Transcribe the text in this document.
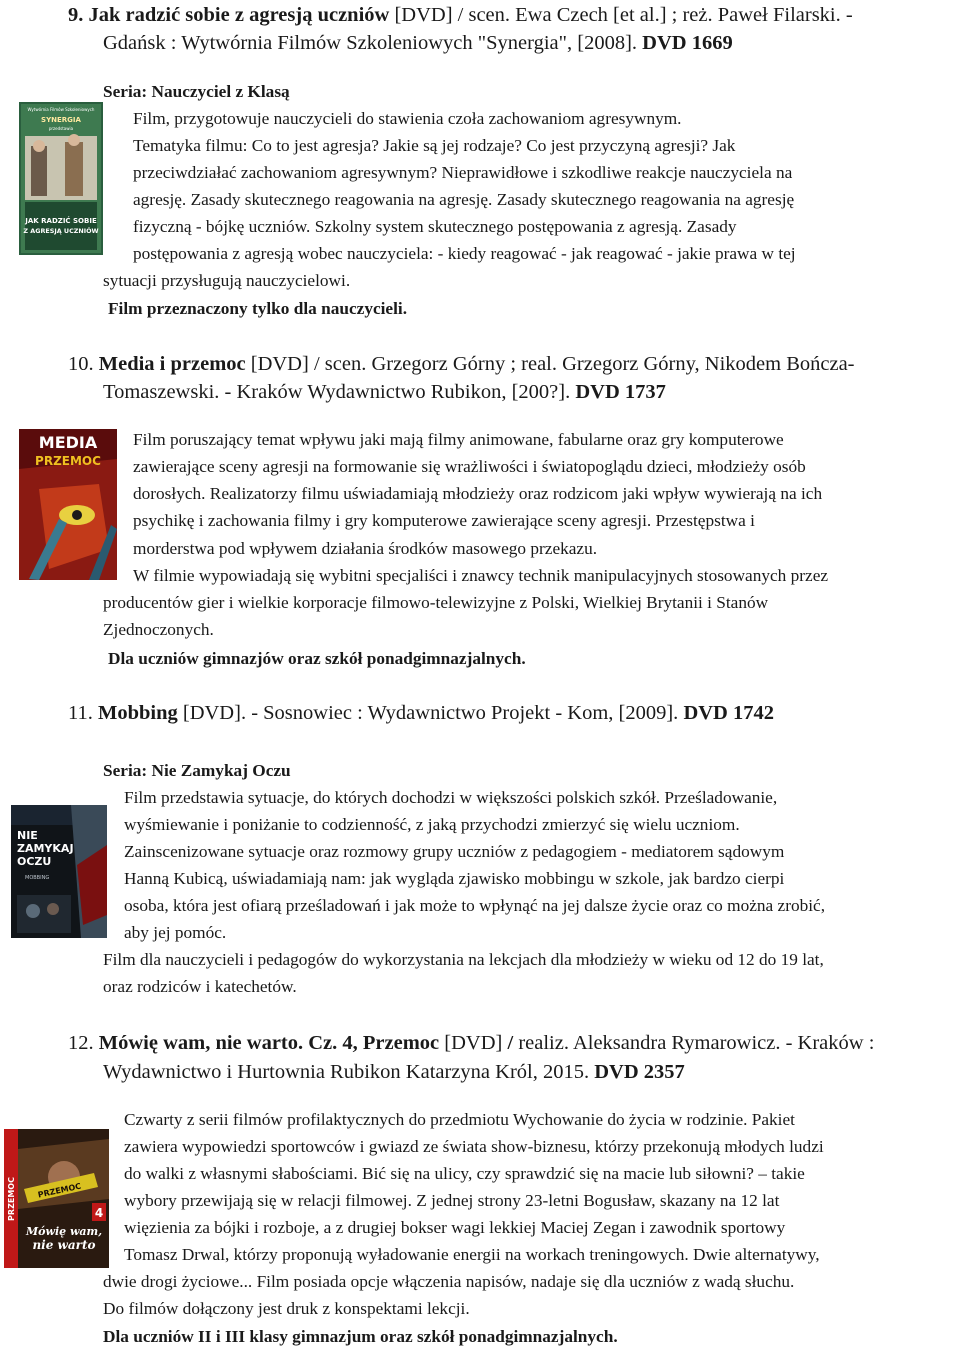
9. Jak radzić sobie z agresją uczniów [DVD] / scen. Ewa Czech [et al.] ; reż. Paweł Filarski. -
Gdańsk : Wytwórnia Filmów Szkoleniowych "Synergia", [2008]. DVD 1669
Seria: Nauczyciel z Klasą
Wytwórnia Filmów Szkoleniowych
SYNERGIA
przedstawia
JAK RADZIĆ SOBIE
Z AGRESJĄ UCZNIÓW
Film, przygotowuje nauczycieli do stawienia czoła zachowaniom agresywnym.
Tematyka filmu: Co to jest agresja? Jakie są jej rodzaje? Co jest przyczyną agresji? Jak
przeciwdziałać zachowaniom agresywnym? Nieprawidłowe i szkodliwe reakcje nauczyciela na
agresję. Zasady skutecznego reagowania na agresję. Zasady skutecznego reagowania na agresję
fizyczną - bójkę uczniów. Szkolny system skutecznego postępowania z agresją. Zasady
postępowania z agresją wobec nauczyciela: - kiedy reagować - jak reagować - jakie prawa w tej
sytuacji przysługują nauczycielowi.
Film przeznaczony tylko dla nauczycieli.
10. Media i przemoc [DVD] / scen. Grzegorz Górny ; real. Grzegorz Górny, Nikodem Bończa-
Tomaszewski. - Kraków Wydawnictwo Rubikon, [200?]. DVD 1737
MEDIA
PRZEMOC
Film poruszający temat wpływu jaki mają filmy animowane, fabularne oraz gry komputerowe
zawierające sceny agresji na formowanie się wrażliwości i światopoglądu dzieci, młodzieży osób
dorosłych. Realizatorzy filmu uświadamiają młodzieży oraz rodzicom jaki wpływ wywierają na ich
psychikę i zachowania filmy i gry komputerowe zawierające sceny agresji. Przestępstwa i
morderstwa pod wpływem działania środków masowego przekazu.
W filmie wypowiadają się wybitni specjaliści i znawcy technik manipulacyjnych stosowanych przez
producentów gier i wielkie korporacje filmowo-telewizyjne z Polski, Wielkiej Brytanii i Stanów
Zjednoczonych.
Dla uczniów gimnazjów oraz szkół ponadgimnazjalnych.
11. Mobbing [DVD]. - Sosnowiec : Wydawnictwo Projekt - Kom, [2009]. DVD 1742
Seria: Nie Zamykaj Oczu
NIE
ZAMYKAJ
OCZU
MOBBING
Film przedstawia sytuacje, do których dochodzi w większości polskich szkół. Prześladowanie,
wyśmiewanie i poniżanie to codzienność, z jaką przychodzi zmierzyć się wielu uczniom.
Zainscenizowane sytuacje oraz rozmowy grupy uczniów z pedagogiem - mediatorem sądowym
Hanną Kubicą, uświadamiają nam: jak wygląda zjawisko mobbingu w szkole, jak bardzo cierpi
osoba, która jest ofiarą prześladowań i jak może to wpłynąć na jej dalsze życie oraz co można zrobić,
aby jej pomóc.
Film dla nauczycieli i pedagogów do wykorzystania na lekcjach dla młodzieży w wieku od 12 do 19 lat,
oraz rodziców i katechetów.
12. Mówię wam, nie warto. Cz. 4, Przemoc [DVD] / realiz. Aleksandra Rymarowicz. - Kraków :
Wydawnictwo i Hurtownia Rubikon Katarzyna Król, 2015. DVD 2357
PRZEMOC	PRZEMOC
4
Mówię wam,
nie warto
Czwarty z serii filmów profilaktycznych do przedmiotu Wychowanie do życia w rodzinie. Pakiet
zawiera wypowiedzi sportowców i gwiazd ze świata show-biznesu, którzy przekonują młodych ludzi
do walki z własnymi słabościami. Bić się na ulicy, czy sprawdzić się na macie lub siłowni? – takie
wybory przewijają się w relacji filmowej. Z jednej strony 23-letni Bogusław, skazany na 12 lat
więzienia za bójki i rozboje, a z drugiej bokser wagi lekkiej Maciej Zegan i zawodnik sportowy
Tomasz Drwal, którzy proponują wyładowanie energii na workach treningowych. Dwie alternatywy,
dwie drogi życiowe... Film posiada opcje włączenia napisów, nadaje się dla uczniów z wadą słuchu.
Do filmów dołączony jest druk z konspektami lekcji.
Dla uczniów II i III klasy gimnazjum oraz szkół ponadgimnazjalnych.
